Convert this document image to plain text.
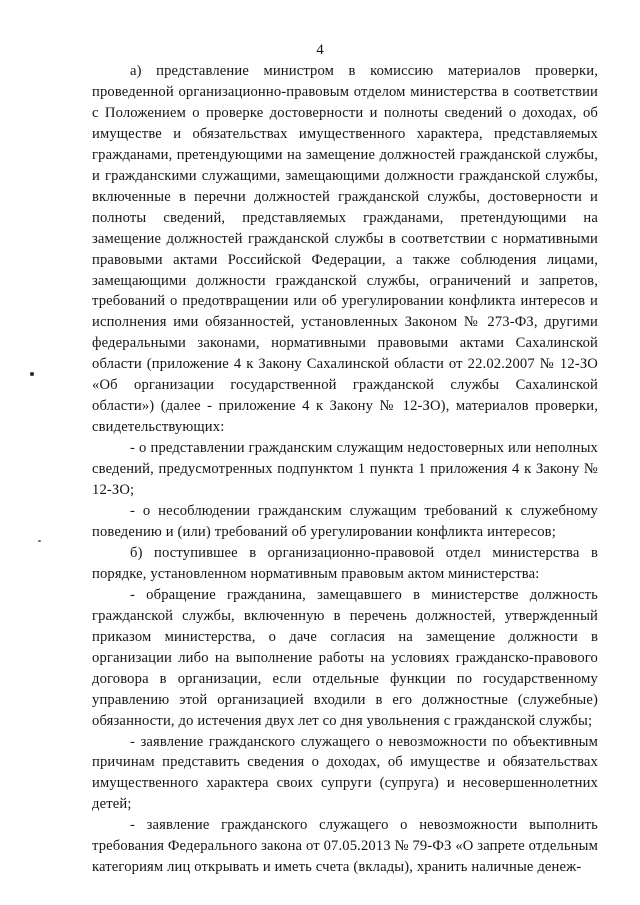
4

а) представление министром в комиссию материалов проверки, проведенной организационно-правовым отделом министерства в соответствии с Положением о проверке достоверности и полноты сведений о доходах, об имуществе и обязательствах имущественного характера, представляемых гражданами, претендующими на замещение должностей гражданской службы, и гражданскими служащими, замещающими должности гражданской службы, включенные в перечни должностей гражданской службы, достоверности и полноты сведений, представляемых гражданами, претендующими на замещение должностей гражданской службы в соответствии с нормативными правовыми актами Российской Федерации, а также соблюдения лицами, замещающими должности гражданской службы, ограничений и запретов, требований о предотвращении или об урегулировании конфликта интересов и исполнения ими обязанностей, установленных Законом № 273-ФЗ, другими федеральными законами, нормативными правовыми актами Сахалинской области (приложение 4 к Закону Сахалинской области от 22.02.2007 № 12-ЗО «Об организации государственной гражданской службы Сахалинской области») (далее - приложение 4 к Закону № 12-ЗО), материалов проверки, свидетельствующих:

- о представлении гражданским служащим недостоверных или неполных сведений, предусмотренных подпунктом 1 пункта 1 приложения 4 к Закону № 12-ЗО;

- о несоблюдении гражданским служащим требований к служебному поведению и (или) требований об урегулировании конфликта интересов;

б) поступившее в организационно-правовой отдел министерства в порядке, установленном нормативным правовым актом министерства:

- обращение гражданина, замещавшего в министерстве должность гражданской службы, включенную в перечень должностей, утвержденный приказом министерства, о даче согласия на замещение должности в организации либо на выполнение работы на условиях гражданско-правового договора в организации, если отдельные функции по государственному управлению этой организацией входили в его должностные (служебные) обязанности, до истечения двух лет со дня увольнения с гражданской службы;

- заявление гражданского служащего о невозможности по объективным причинам представить сведения о доходах, об имуществе и обязательствах имущественного характера своих супруги (супруга) и несовершеннолетних детей;

- заявление гражданского служащего о невозможности выполнить требования Федерального закона от 07.05.2013 № 79-ФЗ «О запрете отдельным категориям лиц открывать и иметь счета (вклады), хранить наличные денеж-
